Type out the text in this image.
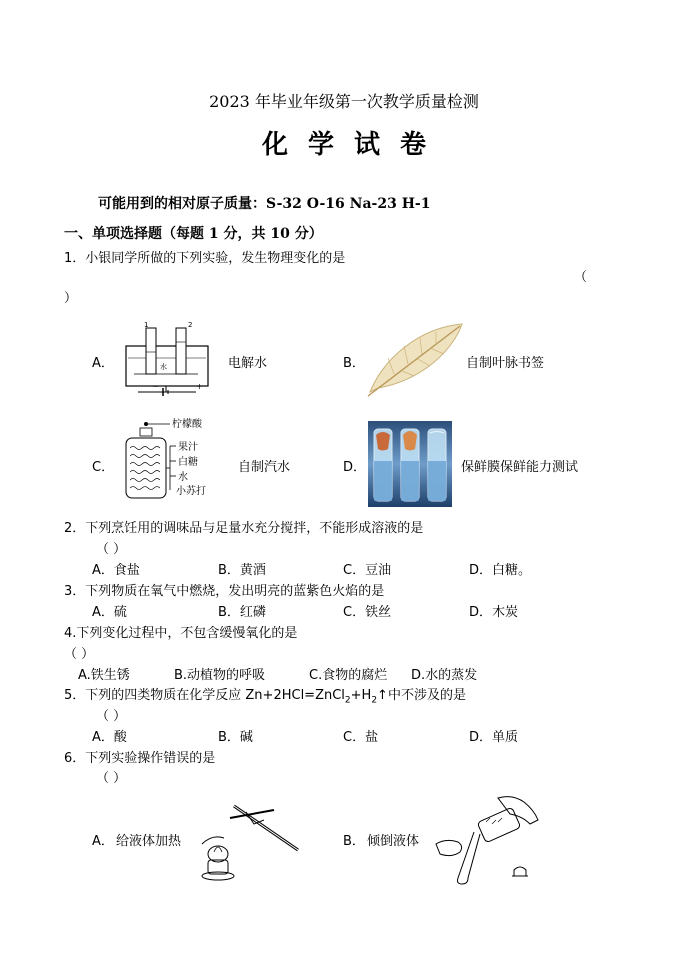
2023 年毕业年级第一次教学质量检测
化学试卷
可能用到的相对原子质量：S-32 O-16 Na-23 H-1
一、单项选择题（每题 1 分，共 10 分）
1．小银同学所做的下列实验，发生物理变化的是
（
）
A．
1	2
水
−	+
电解水	B．	自制叶脉书签
C．
柠檬酸
果汁
白糖
水
小苏打
自制汽水	D．	保鲜膜保鲜能力测试
2．下列烹饪用的调味品与足量水充分搅拌，不能形成溶液的是
（ ）
A．食盐	B．黄酒	C．豆油	D．白糖。
3．下列物质在氧气中燃烧，发出明亮的蓝紫色火焰的是
A．硫	B．红磷	C．铁丝	D．木炭
4.下列变化过程中，不包含缓慢氧化的是
（ ）
A.铁生锈	B.动植物的呼吸	C.食物的腐烂 D.水的蒸发
5．下列的四类物质在化学反应 $Zn+2HCl=ZnCl_2+H_2↑$中不涉及的是
（ ）
A．酸	B．碱	C．盐	D．单质
6．下列实验操作错误的是
（ ）
A． 给液体加热	B． 倾倒液体
